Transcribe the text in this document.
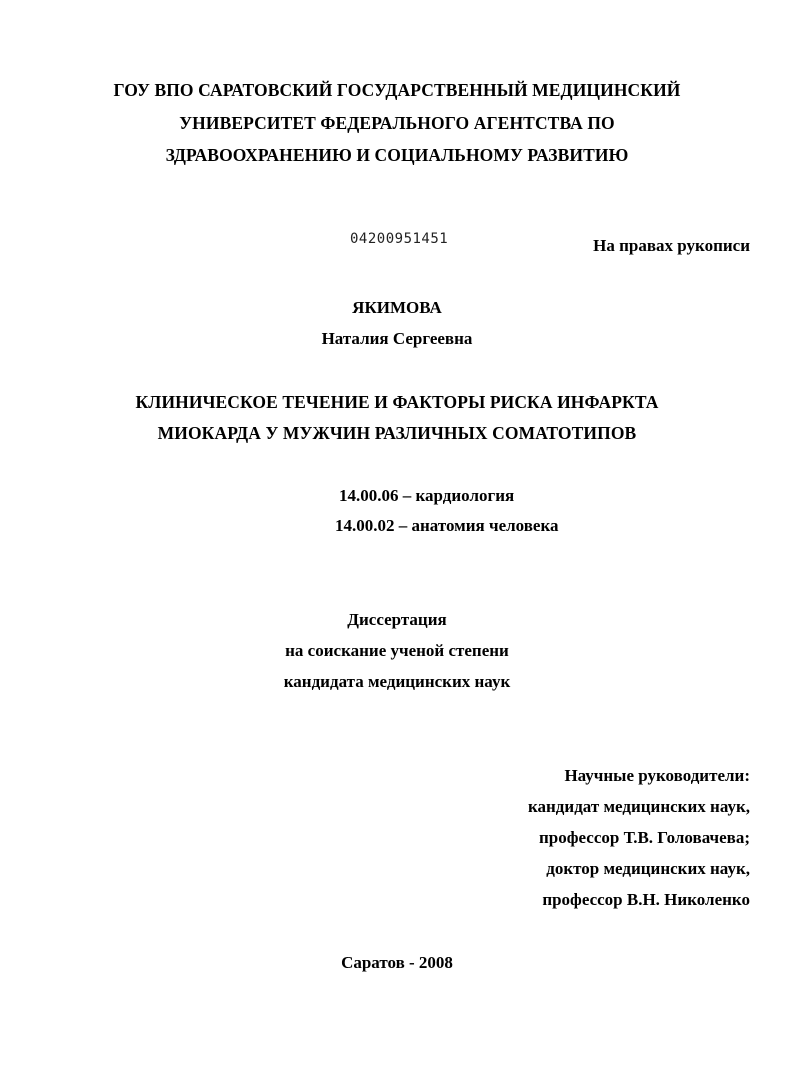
ГОУ ВПО САРАТОВСКИЙ ГОСУДАРСТВЕННЫЙ МЕДИЦИНСКИЙ
УНИВЕРСИТЕТ ФЕДЕРАЛЬНОГО АГЕНТСТВА ПО
ЗДРАВООХРАНЕНИЮ И СОЦИАЛЬНОМУ РАЗВИТИЮ
04200951451	На правах рукописи
ЯКИМОВА
Наталия Сергеевна
КЛИНИЧЕСКОЕ ТЕЧЕНИЕ И ФАКТОРЫ РИСКА ИНФАРКТА
МИОКАРДА У МУЖЧИН РАЗЛИЧНЫХ СОМАТОТИПОВ
14.00.06 – кардиология
14.00.02 – анатомия человека
Диссертация
на соискание ученой степени
кандидата медицинских наук
Научные руководители:
кандидат медицинских наук,
профессор Т.В. Головачева;
доктор медицинских наук,
профессор В.Н. Николенко
Саратов - 2008
